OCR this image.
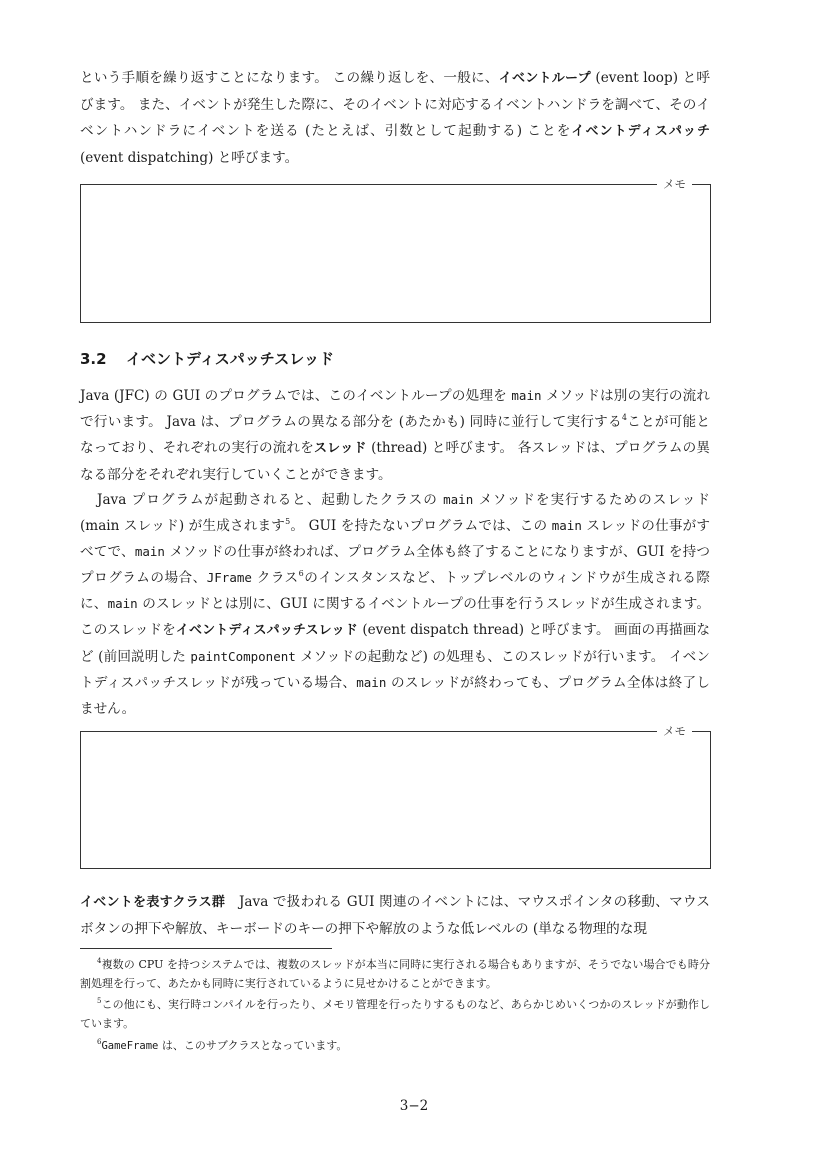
という手順を繰り返すことになります。 この繰り返しを、一般に、イベントループ (event loop) と呼びます。 また、イベントが発生した際に、そのイベントに対応するイベントハンドラを調べて、そのイベントハンドラにイベントを送る (たとえば、引数として起動する) ことをイベントディスパッチ (event dispatching) と呼びます。

メモ
3.2 イベントディスパッチスレッド

Java (JFC) の GUI のプログラムでは、このイベントループの処理を main メソッドは別の実行の流れで行います。 Java は、プログラムの異なる部分を (あたかも) 同時に並行して実行する$^4$ことが可能となっており、それぞれの実行の流れをスレッド (thread) と呼びます。 各スレッドは、プログラムの異なる部分をそれぞれ実行していくことができます。

Java プログラムが起動されると、起動したクラスの main メソッドを実行するためのスレッド (main スレッド) が生成されます$^5$。 GUI を持たないプログラムでは、この main スレッドの仕事がすべてで、main メソッドの仕事が終われば、プログラム全体も終了することになりますが、GUI を持つプログラムの場合、JFrame クラス$^6$のインスタンスなど、トップレベルのウィンドウが生成される際に、main のスレッドとは別に、GUI に関するイベントループの仕事を行うスレッドが生成されます。 このスレッドをイベントディスパッチスレッド (event dispatch thread) と呼びます。 画面の再描画など (前回説明した paintComponent メソッドの起動など) の処理も、このスレッドが行います。 イベントディスパッチスレッドが残っている場合、main のスレッドが終わっても、プログラム全体は終了しません。

メモ

イベントを表すクラス群　Java で扱われる GUI 関連のイベントには、マウスポインタの移動、マウスボタンの押下や解放、キーボードのキーの押下や解放のような低レベルの (単なる物理的な現

$^4$複数の CPU を持つシステムでは、複数のスレッドが本当に同時に実行される場合もありますが、そうでない場合でも時分割処理を行って、あたかも同時に実行されているように見せかけることができます。

$^5$この他にも、実行時コンパイルを行ったり、メモリ管理を行ったりするものなど、あらかじめいくつかのスレッドが動作しています。

$^6$GameFrame は、このサブクラスとなっています。

3−2
